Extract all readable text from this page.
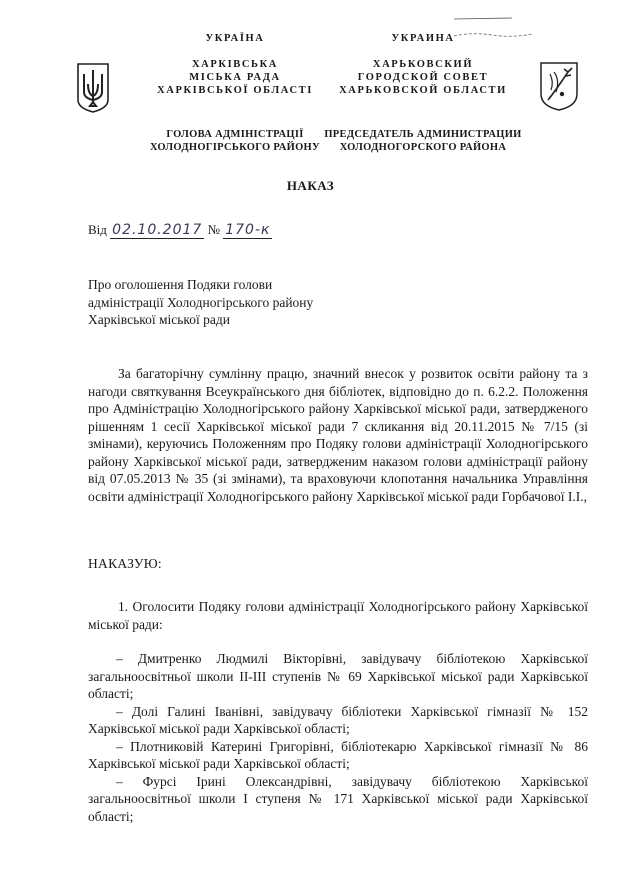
УКРАЇНА
ХАРКІВСЬКА
МІСЬКА РАДА
ХАРКІВСЬКОЇ ОБЛАСТІ
ГОЛОВА АДМІНІСТРАЦІЇ
ХОЛОДНОГІРСЬКОГО РАЙОНУ
УКРАИНА
ХАРЬКОВСКИЙ
ГОРОДСКОЙ СОВЕТ
ХАРЬКОВСКОЙ ОБЛАСТИ
ПРЕДСЕДАТЕЛЬ АДМИНИСТРАЦИИ
ХОЛОДНОГОРСКОГО РАЙОНА
НАКАЗ
Від 02.10.2017 № 170-к
Про оголошення Подяки голови
адміністрації Холодногірського району
Харківської міської ради
За багаторічну сумлінну працю, значний внесок у розвиток освіти району та з нагоди святкування Всеукраїнського дня бібліотек, відповідно до п. 6.2.2. Положення про Адміністрацію Холодногірського району Харківської міської ради, затвердженого рішенням 1 сесії Харківської міської ради 7 скликання від 20.11.2015 № 7/15 (зі змінами), керуючись Положенням про Подяку голови адміністрації Холодногірського району Харківської міської ради, затвердженим наказом голови адміністрації району від 07.05.2013 № 35 (зі змінами), та враховуючи клопотання начальника Управління освіти адміністрації Холодногірського району Харківської міської ради Горбачової І.І.,
НАКАЗУЮ:
1. Оголосити Подяку голови адміністрації Холодногірського району Харківської міської ради:
– Дмитренко Людмилі Вікторівні, завідувачу бібліотекою Харківської загальноосвітньої школи ІІ-ІІІ ступенів № 69 Харківської міської ради Харківської області;
– Долі Галині Іванівні, завідувачу бібліотеки Харківської гімназії № 152 Харківської міської ради Харківської області;
– Плотниковій Катерині Григорівні, бібліотекарю Харківської гімназії № 86 Харківської міської ради Харківської області;
– Фурсі Ірині Олександрівні, завідувачу бібліотекою Харківської загальноосвітньої школи І ступеня № 171 Харківської міської ради Харківської області;
